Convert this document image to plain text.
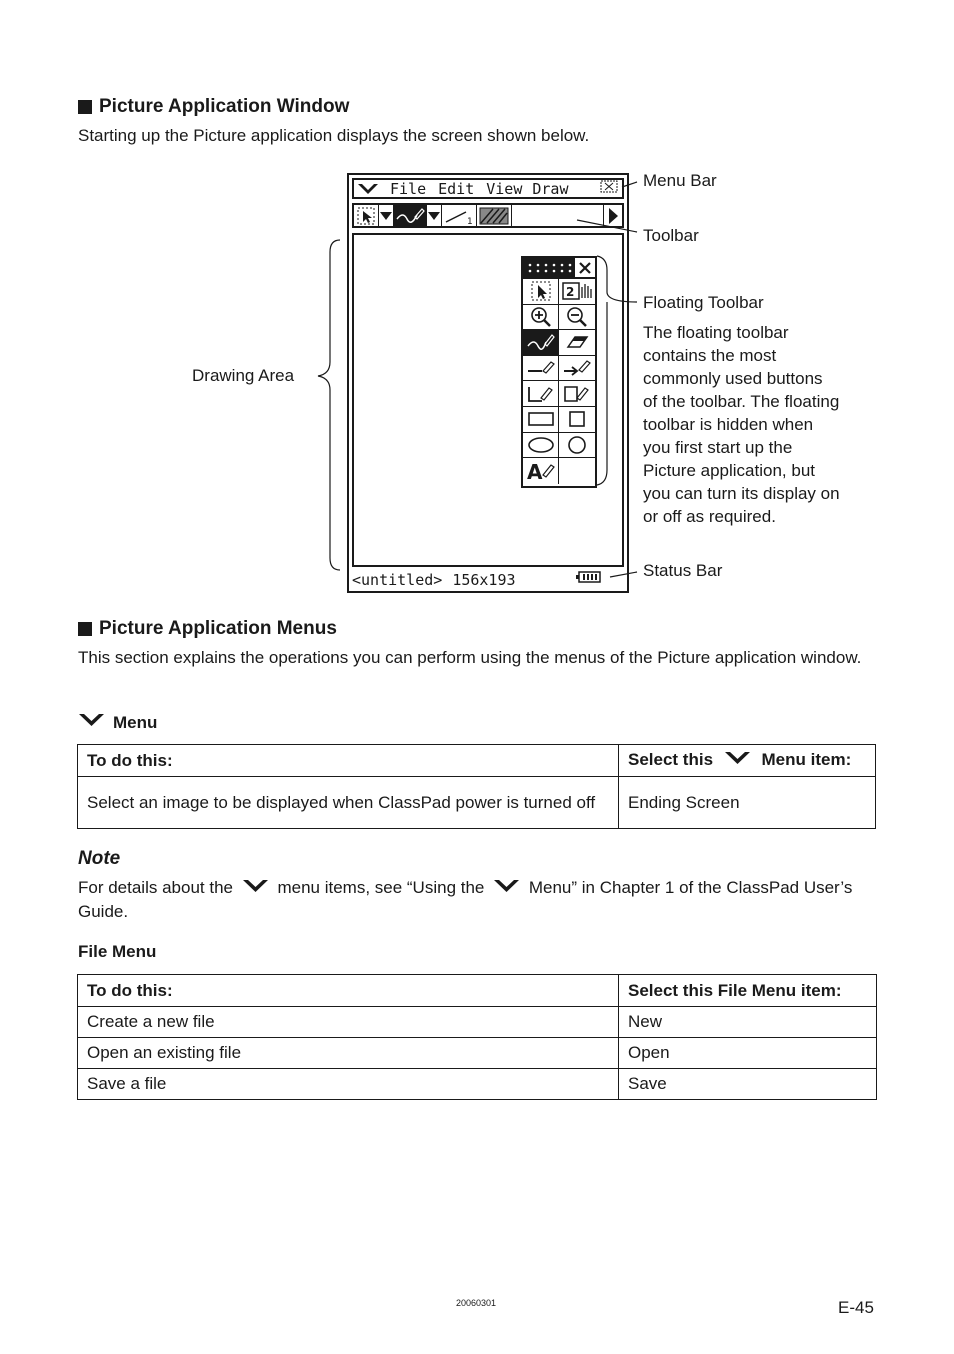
Picture Application Window
Starting up the Picture application displays the screen shown below.
File Edit View Draw
1
2
A
<untitled> 156x193
Menu Bar
Toolbar
Floating Toolbar
The floating toolbar
contains the most
commonly used buttons
of the toolbar. The floating
toolbar is hidden when
you first start up the
Picture application, but
you can turn its display on
or off as required.
Status Bar
Drawing Area
Picture Application Menus
This section explains the operations you can perform using the menus of the Picture application window.
Menu
To do this:	Select this Menu item:
Select an image to be displayed when ClassPad power is turned off	Ending Screen
Note
For details about the	menu items, see “Using the	Menu” in Chapter 1 of the ClassPad User’s Guide.
File Menu
To do this:	Select this File Menu item:
Create a new file	New
Open an existing file	Open
Save a file	Save
20060301	E-45
